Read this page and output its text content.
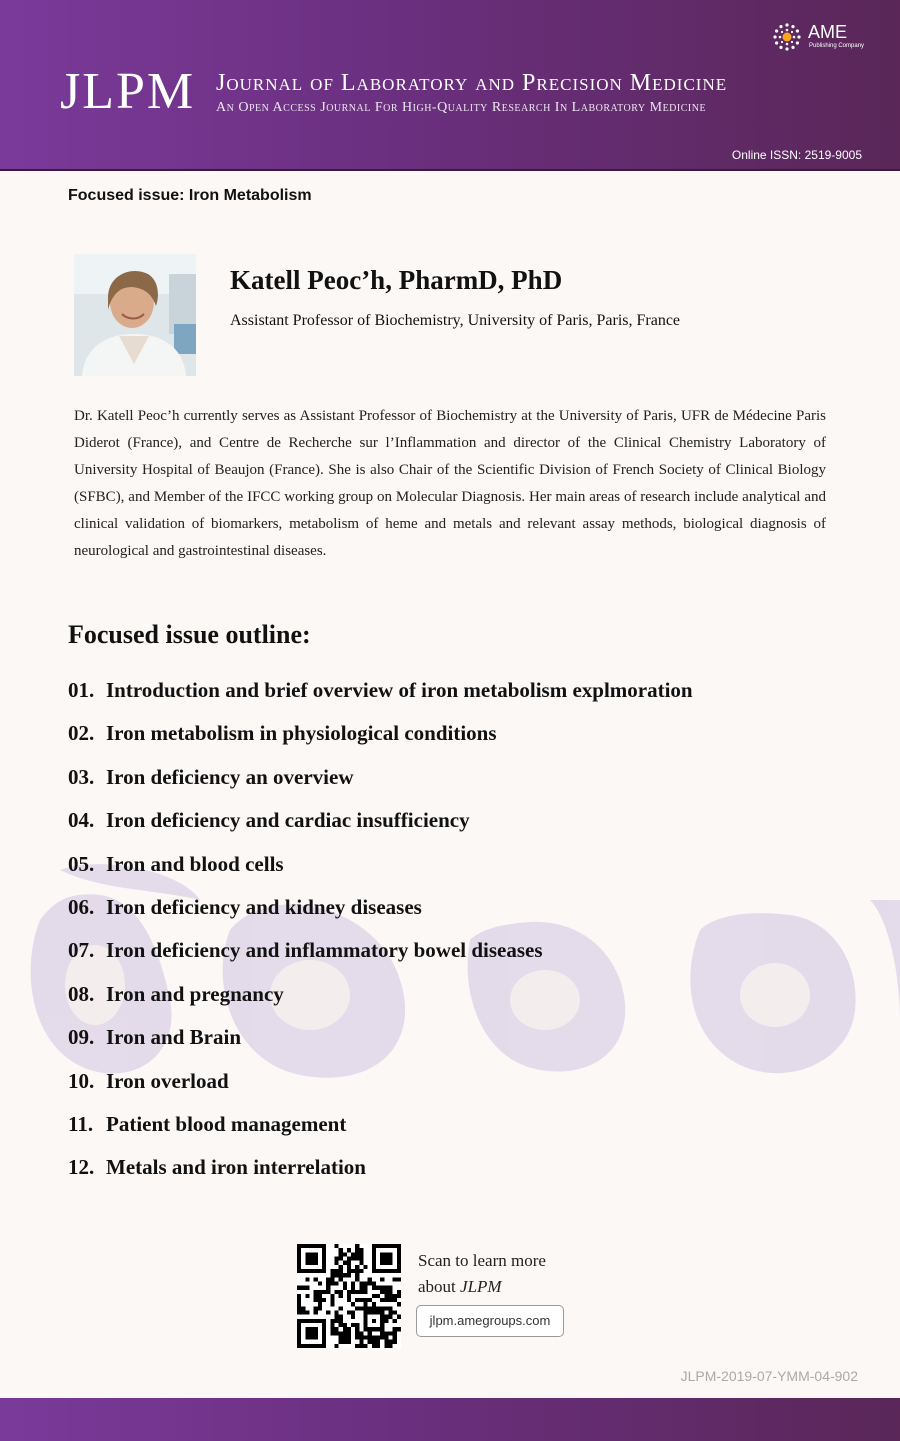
JLPM Journal of Laboratory and Precision Medicine
An Open Access Journal For High-Quality Research In Laboratory Medicine
AME
Publishing Company
Online ISSN: 2519-9005
Focused issue: Iron Metabolism
Katell Peoc’h, PharmD, PhD
Assistant Professor of Biochemistry, University of Paris, Paris, France
Dr. Katell Peoc’h currently serves as Assistant Professor of Biochemistry at the University of Paris, UFR de Médecine Paris Diderot (France), and Centre de Recherche sur l’Inflammation and director of the Clinical Chemistry Laboratory of University Hospital of Beaujon (France). She is also Chair of the Scientific Division of French Society of Clinical Biology (SFBC), and Member of the IFCC working group on Molecular Diagnosis. Her main areas of research include analytical and clinical validation of biomarkers, metabolism of heme and metals and relevant assay methods, biological diagnosis of neurological and gastrointestinal diseases.
Focused issue outline:
01. Introduction and brief overview of iron metabolism explmoration
02. Iron metabolism in physiological conditions
03. Iron deficiency an overview
04. Iron deficiency and cardiac insufficiency
05. Iron and blood cells
06. Iron deficiency and kidney diseases
07. Iron deficiency and inflammatory bowel diseases
08. Iron and pregnancy
09. Iron and Brain
10. Iron overload
11. Patient blood management
12. Metals and iron interrelation
Scan to learn more
about JLPM
jlpm.amegroups.com
JLPM-2019-07-YMM-04-902
